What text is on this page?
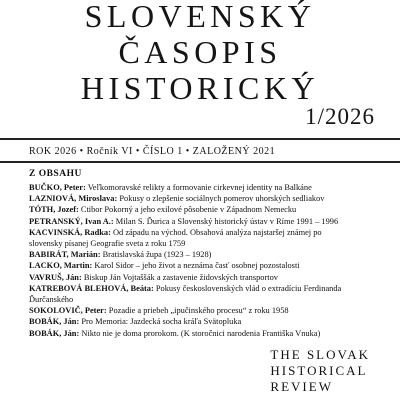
SLOVENSKÝ
ČASOPIS
HISTORICKÝ
1/2026
ROK 2026 • Ročník VI • ČÍSLO 1 • ZALOŽENÝ 2021
Z OBSAHU
BUČKO, Peter: Veľkomoravské relikty a formovanie cirkevnej identity na Balkáne
LAZNIOVÁ, Miroslava: Pokusy o zlepšenie sociálnych pomerov uhorských sedliakov
TÓTH, Jozef: Ctibor Pokorný a jeho exilové pôsobenie v Západnom Nemecku
PETRANSKÝ, Ivan A.: Milan S. Ďurica a Slovenský historický ústav v Ríme 1991 – 1996
KACVINSKÁ, Radka: Od západu na východ. Obsahová analýza najstaršej známej po
slovensky písanej Geografie sveta z roku 1759
BABIRÁT, Marián: Bratislavská župa (1923 – 1928)
LACKO, Martin: Karol Sidor – jeho život a neznáma časť osobnej pozostalosti
VAVRUŠ, Ján: Biskup Ján Vojtaššák a zastavenie židovských transportov
KATREBOVÁ BLEHOVÁ, Beáta: Pokusy československých vlád o extradíciu Ferdinanda
Ďurčanského
SOKOLOVIČ, Peter: Pozadie a priebeh „ipučinského procesu“ z roku 1958
BOBÁK, Ján: Pro Memoria: Jazdecká socha kráľa Svätopluka
BOBÁK, Ján: Nikto nie je doma prorokom. (K storočnici narodenia Františka Vnuka)
THE SLOVAK
HISTORICAL
REVIEW
